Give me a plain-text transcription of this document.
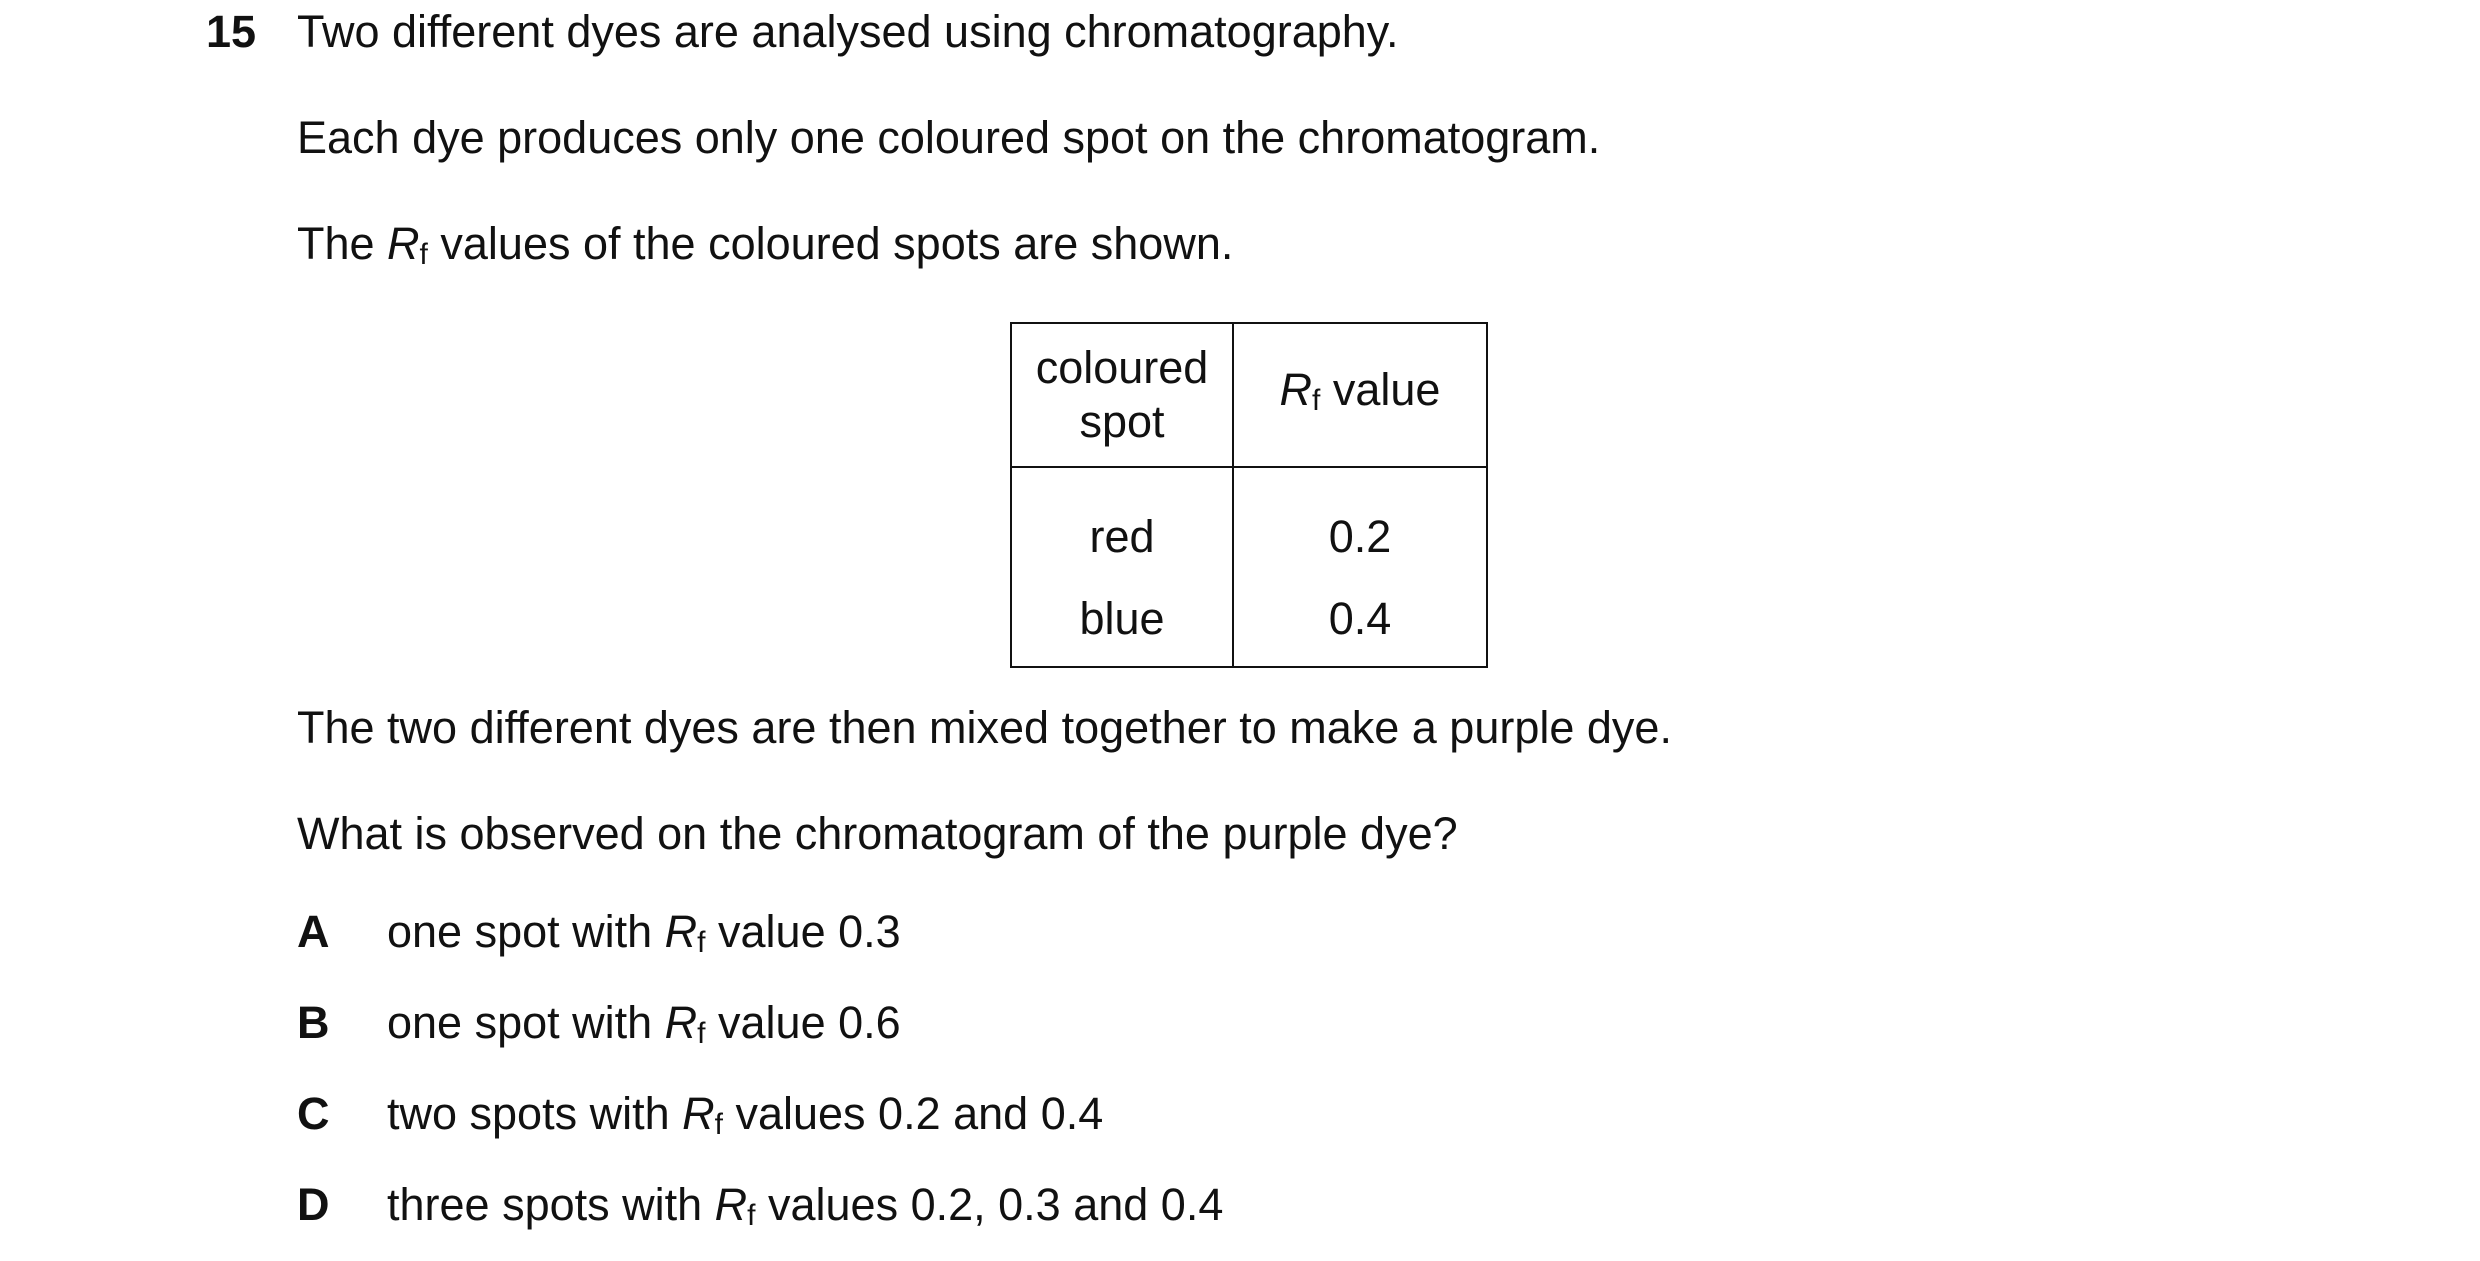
15 Two different dyes are analysed using chromatography.
Each dye produces only one coloured spot on the chromatogram.
The Rf values of the coloured spots are shown.
coloured
spot	Rf value
red	0.2
blue	0.4
The two different dyes are then mixed together to make a purple dye.
What is observed on the chromatogram of the purple dye?
A one spot with Rf value 0.3
B one spot with Rf value 0.6
C two spots with Rf values 0.2 and 0.4
D three spots with Rf values 0.2, 0.3 and 0.4
